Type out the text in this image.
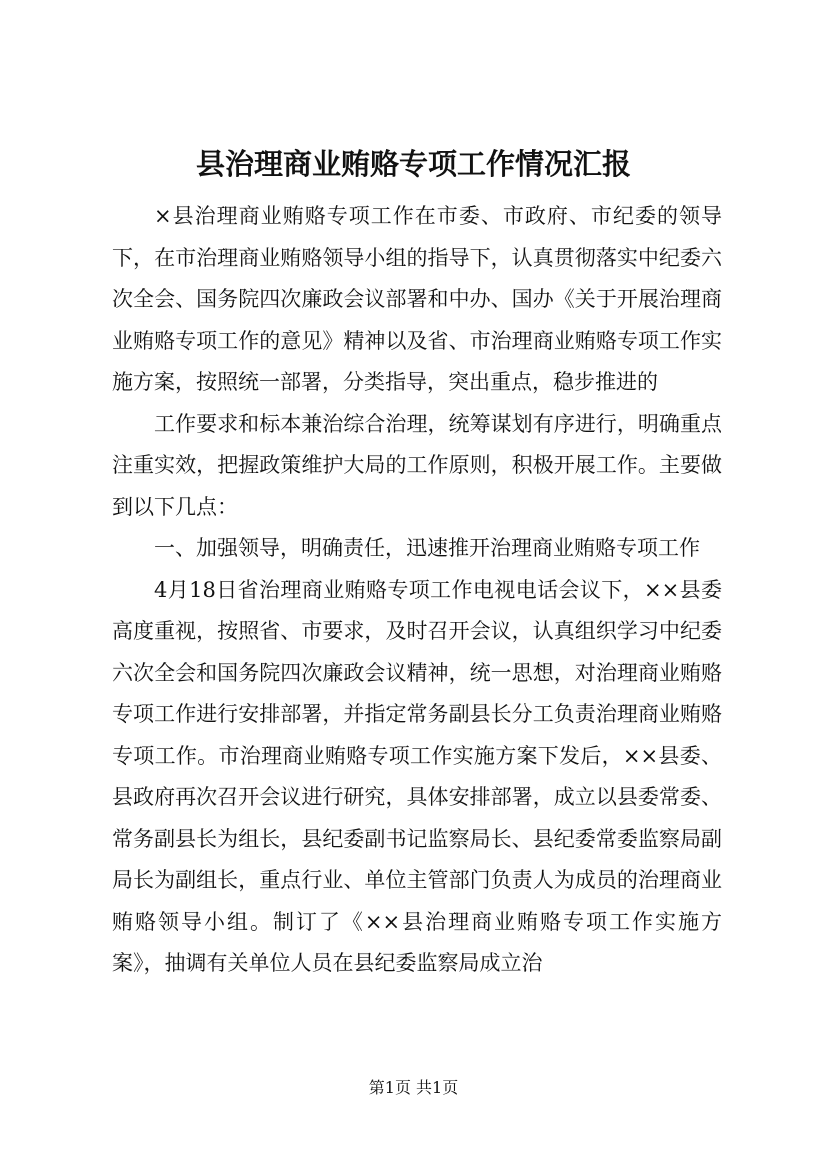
县治理商业贿赂专项工作情况汇报

×县治理商业贿赂专项工作在市委、市政府、市纪委的领导下，在市治理商业贿赂领导小组的指导下，认真贯彻落实中纪委六次全会、国务院四次廉政会议部署和中办、国办《关于开展治理商业贿赂专项工作的意见》精神以及省、市治理商业贿赂专项工作实施方案，按照统一部署，分类指导，突出重点，稳步推进的

工作要求和标本兼治综合治理，统筹谋划有序进行，明确重点注重实效，把握政策维护大局的工作原则，积极开展工作。主要做到以下几点：

一、加强领导，明确责任，迅速推开治理商业贿赂专项工作

4月18日省治理商业贿赂专项工作电视电话会议下，××县委高度重视，按照省、市要求，及时召开会议，认真组织学习中纪委六次全会和国务院四次廉政会议精神，统一思想，对治理商业贿赂专项工作进行安排部署，并指定常务副县长分工负责治理商业贿赂专项工作。市治理商业贿赂专项工作实施方案下发后，××县委、县政府再次召开会议进行研究，具体安排部署，成立以县委常委、常务副县长为组长，县纪委副书记监察局长、县纪委常委监察局副局长为副组长，重点行业、单位主管部门负责人为成员的治理商业贿赂领导小组。制订了《××县治理商业贿赂专项工作实施方案》，抽调有关单位人员在县纪委监察局成立治

第1页 共1页
